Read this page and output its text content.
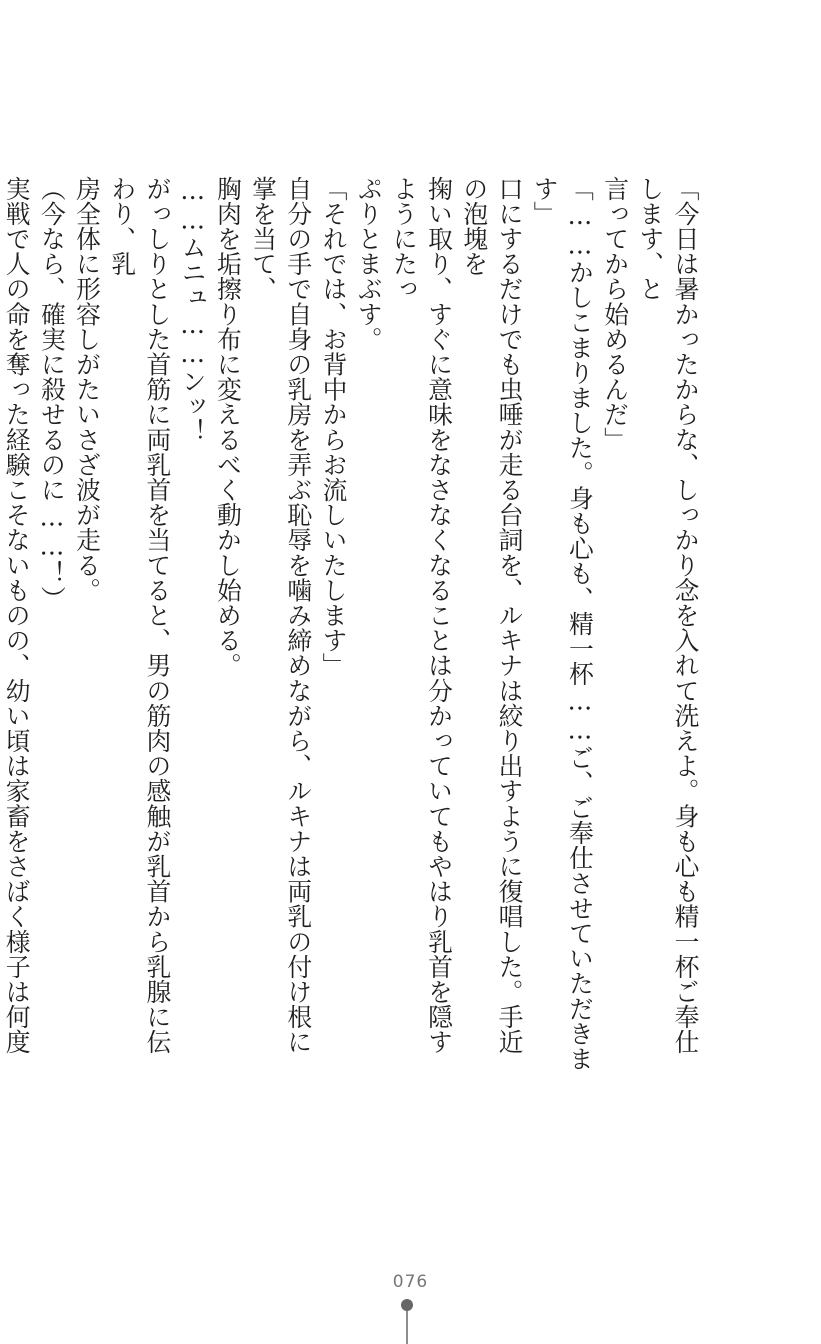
「今日は暑かったからな、しっかり念を入れて洗えよ。身も心も精一杯ご奉仕します、と
言ってから始めるんだ」
「……かしこまりました。身も心も、精一杯……ご、ご奉仕させていただきます」
口にするだけでも虫唾が走る台詞を、ルキナは絞り出すように復唱した。手近の泡塊を
掬い取り、すぐに意味をなさなくなることは分かっていてもやはり乳首を隠すようにたっ
ぷりとまぶす。
「それでは、お背中からお流しいたします」
自分の手で自身の乳房を弄ぶ恥辱を噛み締めながら、ルキナは両乳の付け根に掌を当て、
胸肉を垢擦り布に変えるべく動かし始める。
……ムニュ……ンッ！
がっしりとした首筋に両乳首を当てると、男の筋肉の感触が乳首から乳腺に伝わり、乳
房全体に形容しがたいさざ波が走る。
（今なら、確実に殺せるのに……！）
実戦で人の命を奪った経験こそないものの、幼い頃は家畜をさばく様子は何度
076
